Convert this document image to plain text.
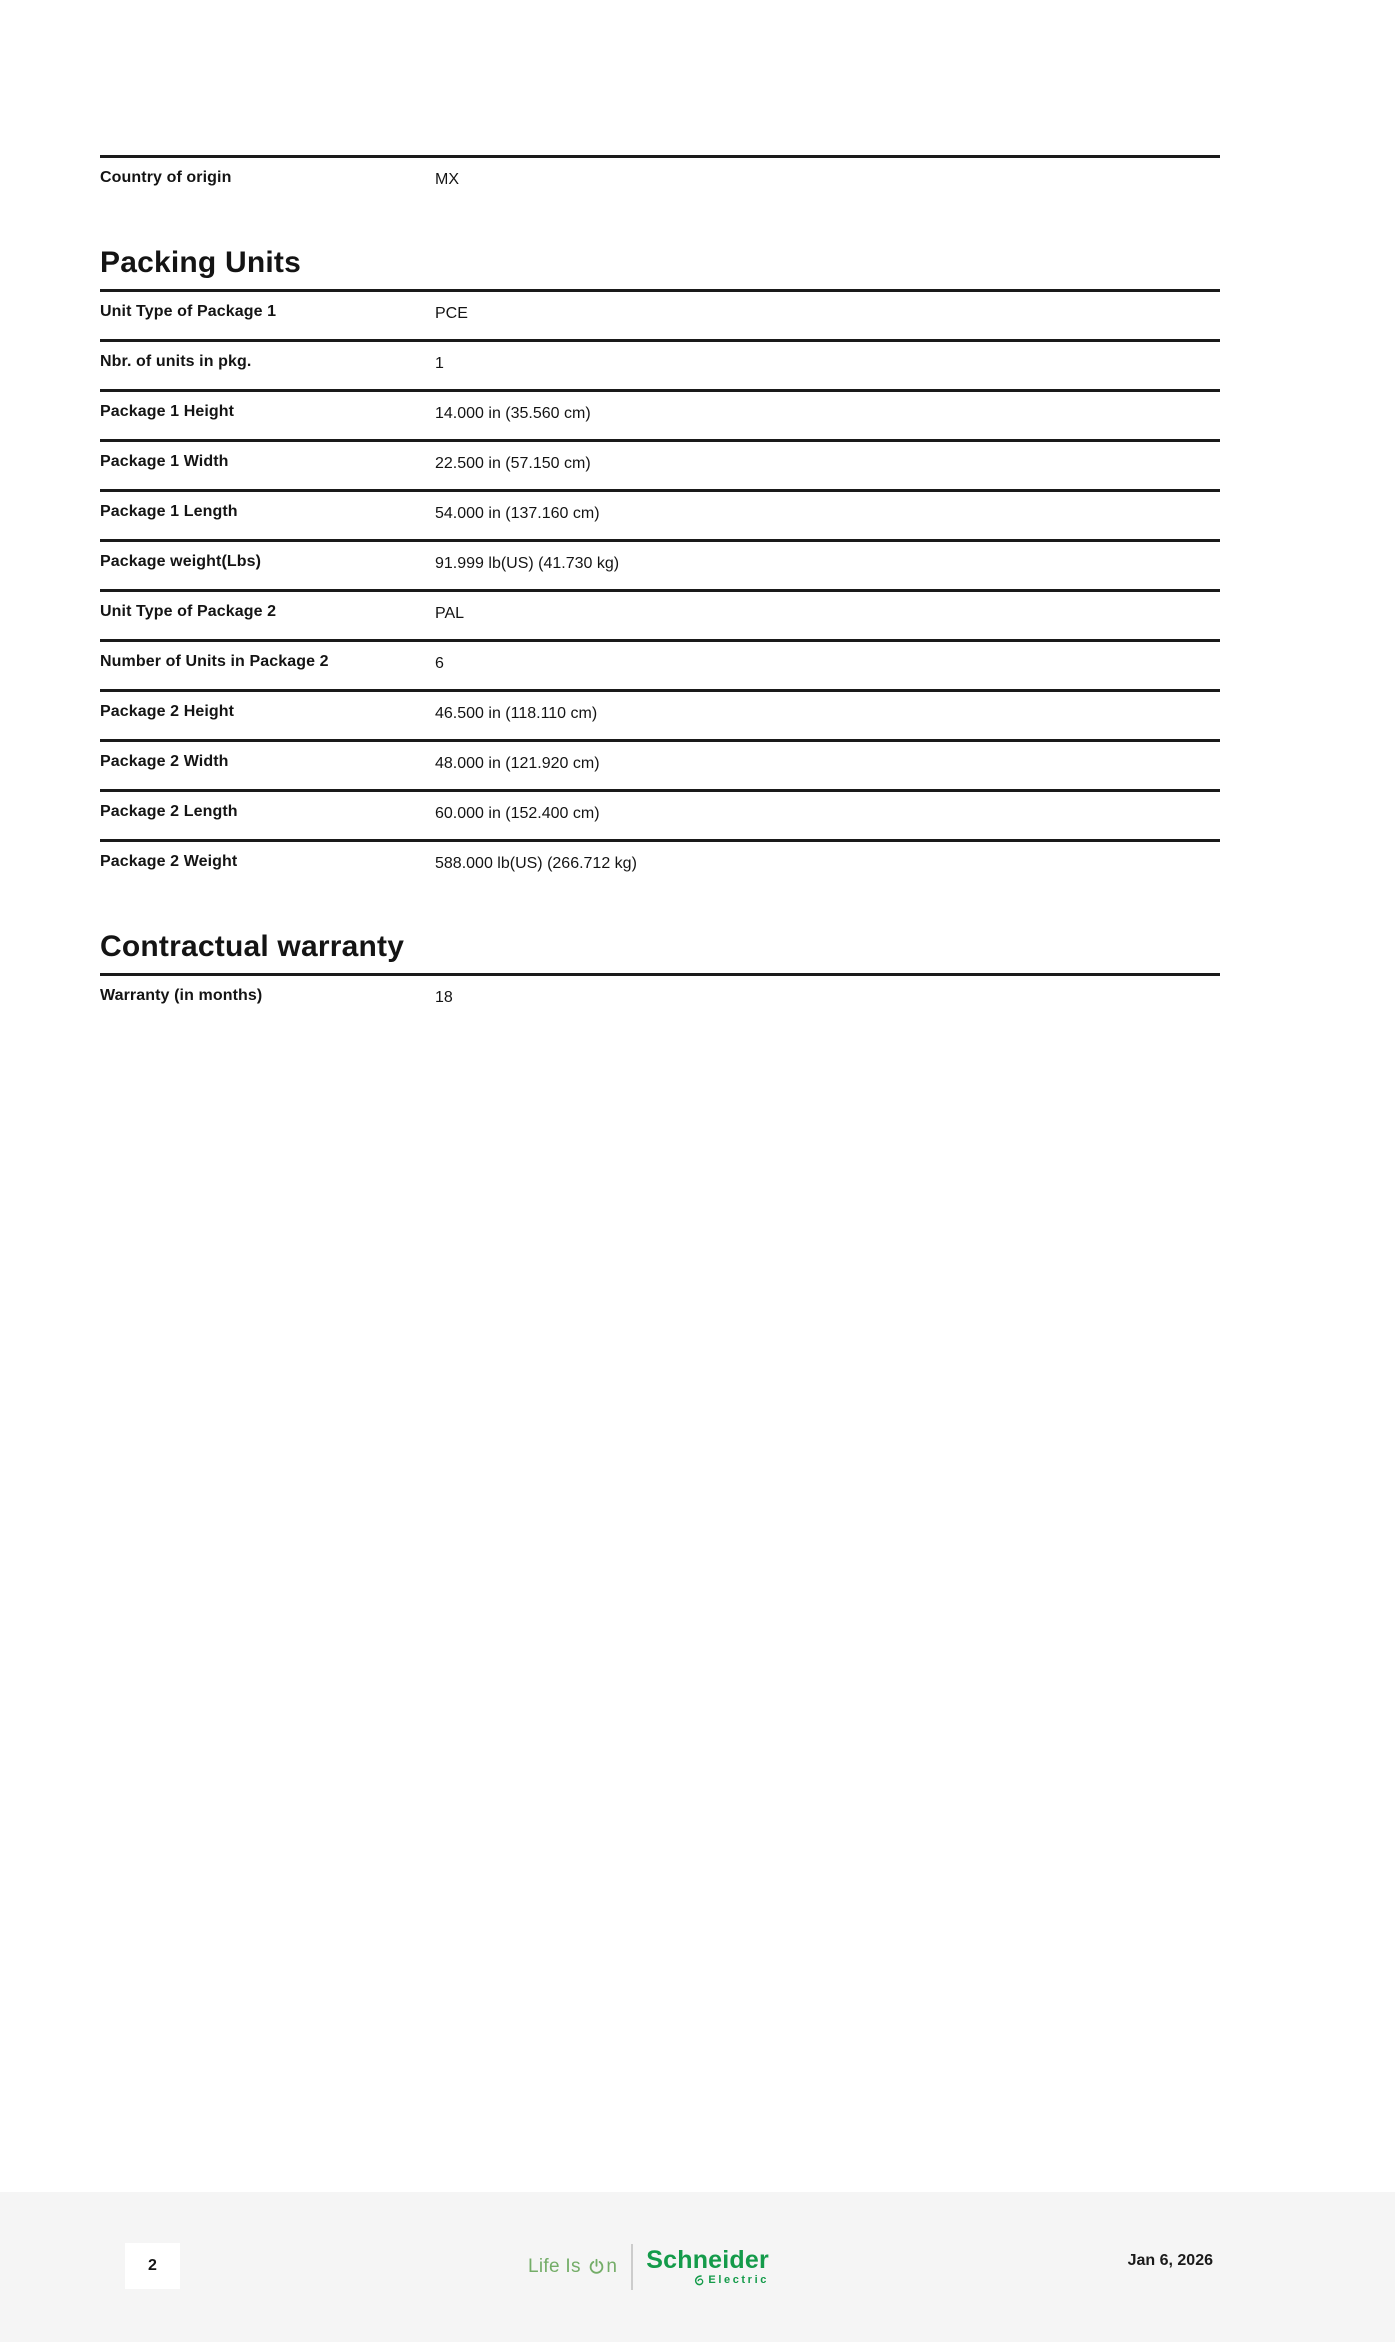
Country of origin	MX
Packing Units
Unit Type of Package 1	PCE
Nbr. of units in pkg.	1
Package 1 Height	14.000 in (35.560 cm)
Package 1 Width	22.500 in (57.150 cm)
Package 1 Length	54.000 in (137.160 cm)
Package weight(Lbs)	91.999 lb(US) (41.730 kg)
Unit Type of Package 2	PAL
Number of Units in Package 2	6
Package 2 Height	46.500 in (118.110 cm)
Package 2 Width	48.000 in (121.920 cm)
Package 2 Length	60.000 in (152.400 cm)
Package 2 Weight	588.000 lb(US) (266.712 kg)
Contractual warranty
Warranty (in months)	18
2	Life Is n Schneider
Electric
Jan 6, 2026
